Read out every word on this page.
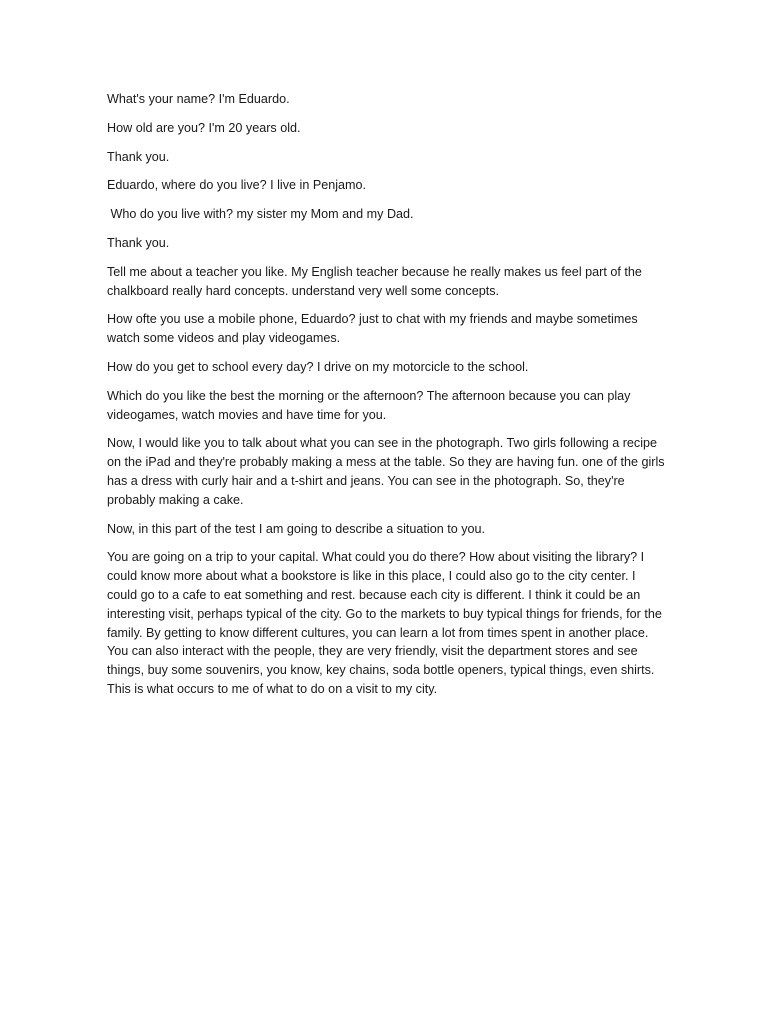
What's your name? I'm Eduardo.

How old are you? I'm 20 years old.

Thank you.

Eduardo, where do you live? I live in Penjamo.

Who do you live with? my sister my Mom and my Dad.

Thank you.

Tell me about a teacher you like. My English teacher because he really makes us feel part of the chalkboard really hard concepts. understand very well some concepts.

How ofte you use a mobile phone, Eduardo? just to chat with my friends and maybe sometimes watch some videos and play videogames.

How do you get to school every day? I drive on my motorcicle to the school.

Which do you like the best the morning or the afternoon? The afternoon because you can play videogames, watch movies and have time for you.

Now, I would like you to talk about what you can see in the photograph. Two girls following a recipe on the iPad and they're probably making a mess at the table. So they are having fun. one of the girls has a dress with curly hair and a t-shirt and jeans. You can see in the photograph. So, they're probably making a cake.

Now, in this part of the test I am going to describe a situation to you.

You are going on a trip to your capital. What could you do there? How about visiting the library? I could know more about what a bookstore is like in this place, I could also go to the city center. I could go to a cafe to eat something and rest. because each city is different. I think it could be an interesting visit, perhaps typical of the city. Go to the markets to buy typical things for friends, for the family. By getting to know different cultures, you can learn a lot from times spent in another place. You can also interact with the people, they are very friendly, visit the department stores and see things, buy some souvenirs, you know, key chains, soda bottle openers, typical things, even shirts. This is what occurs to me of what to do on a visit to my city.
